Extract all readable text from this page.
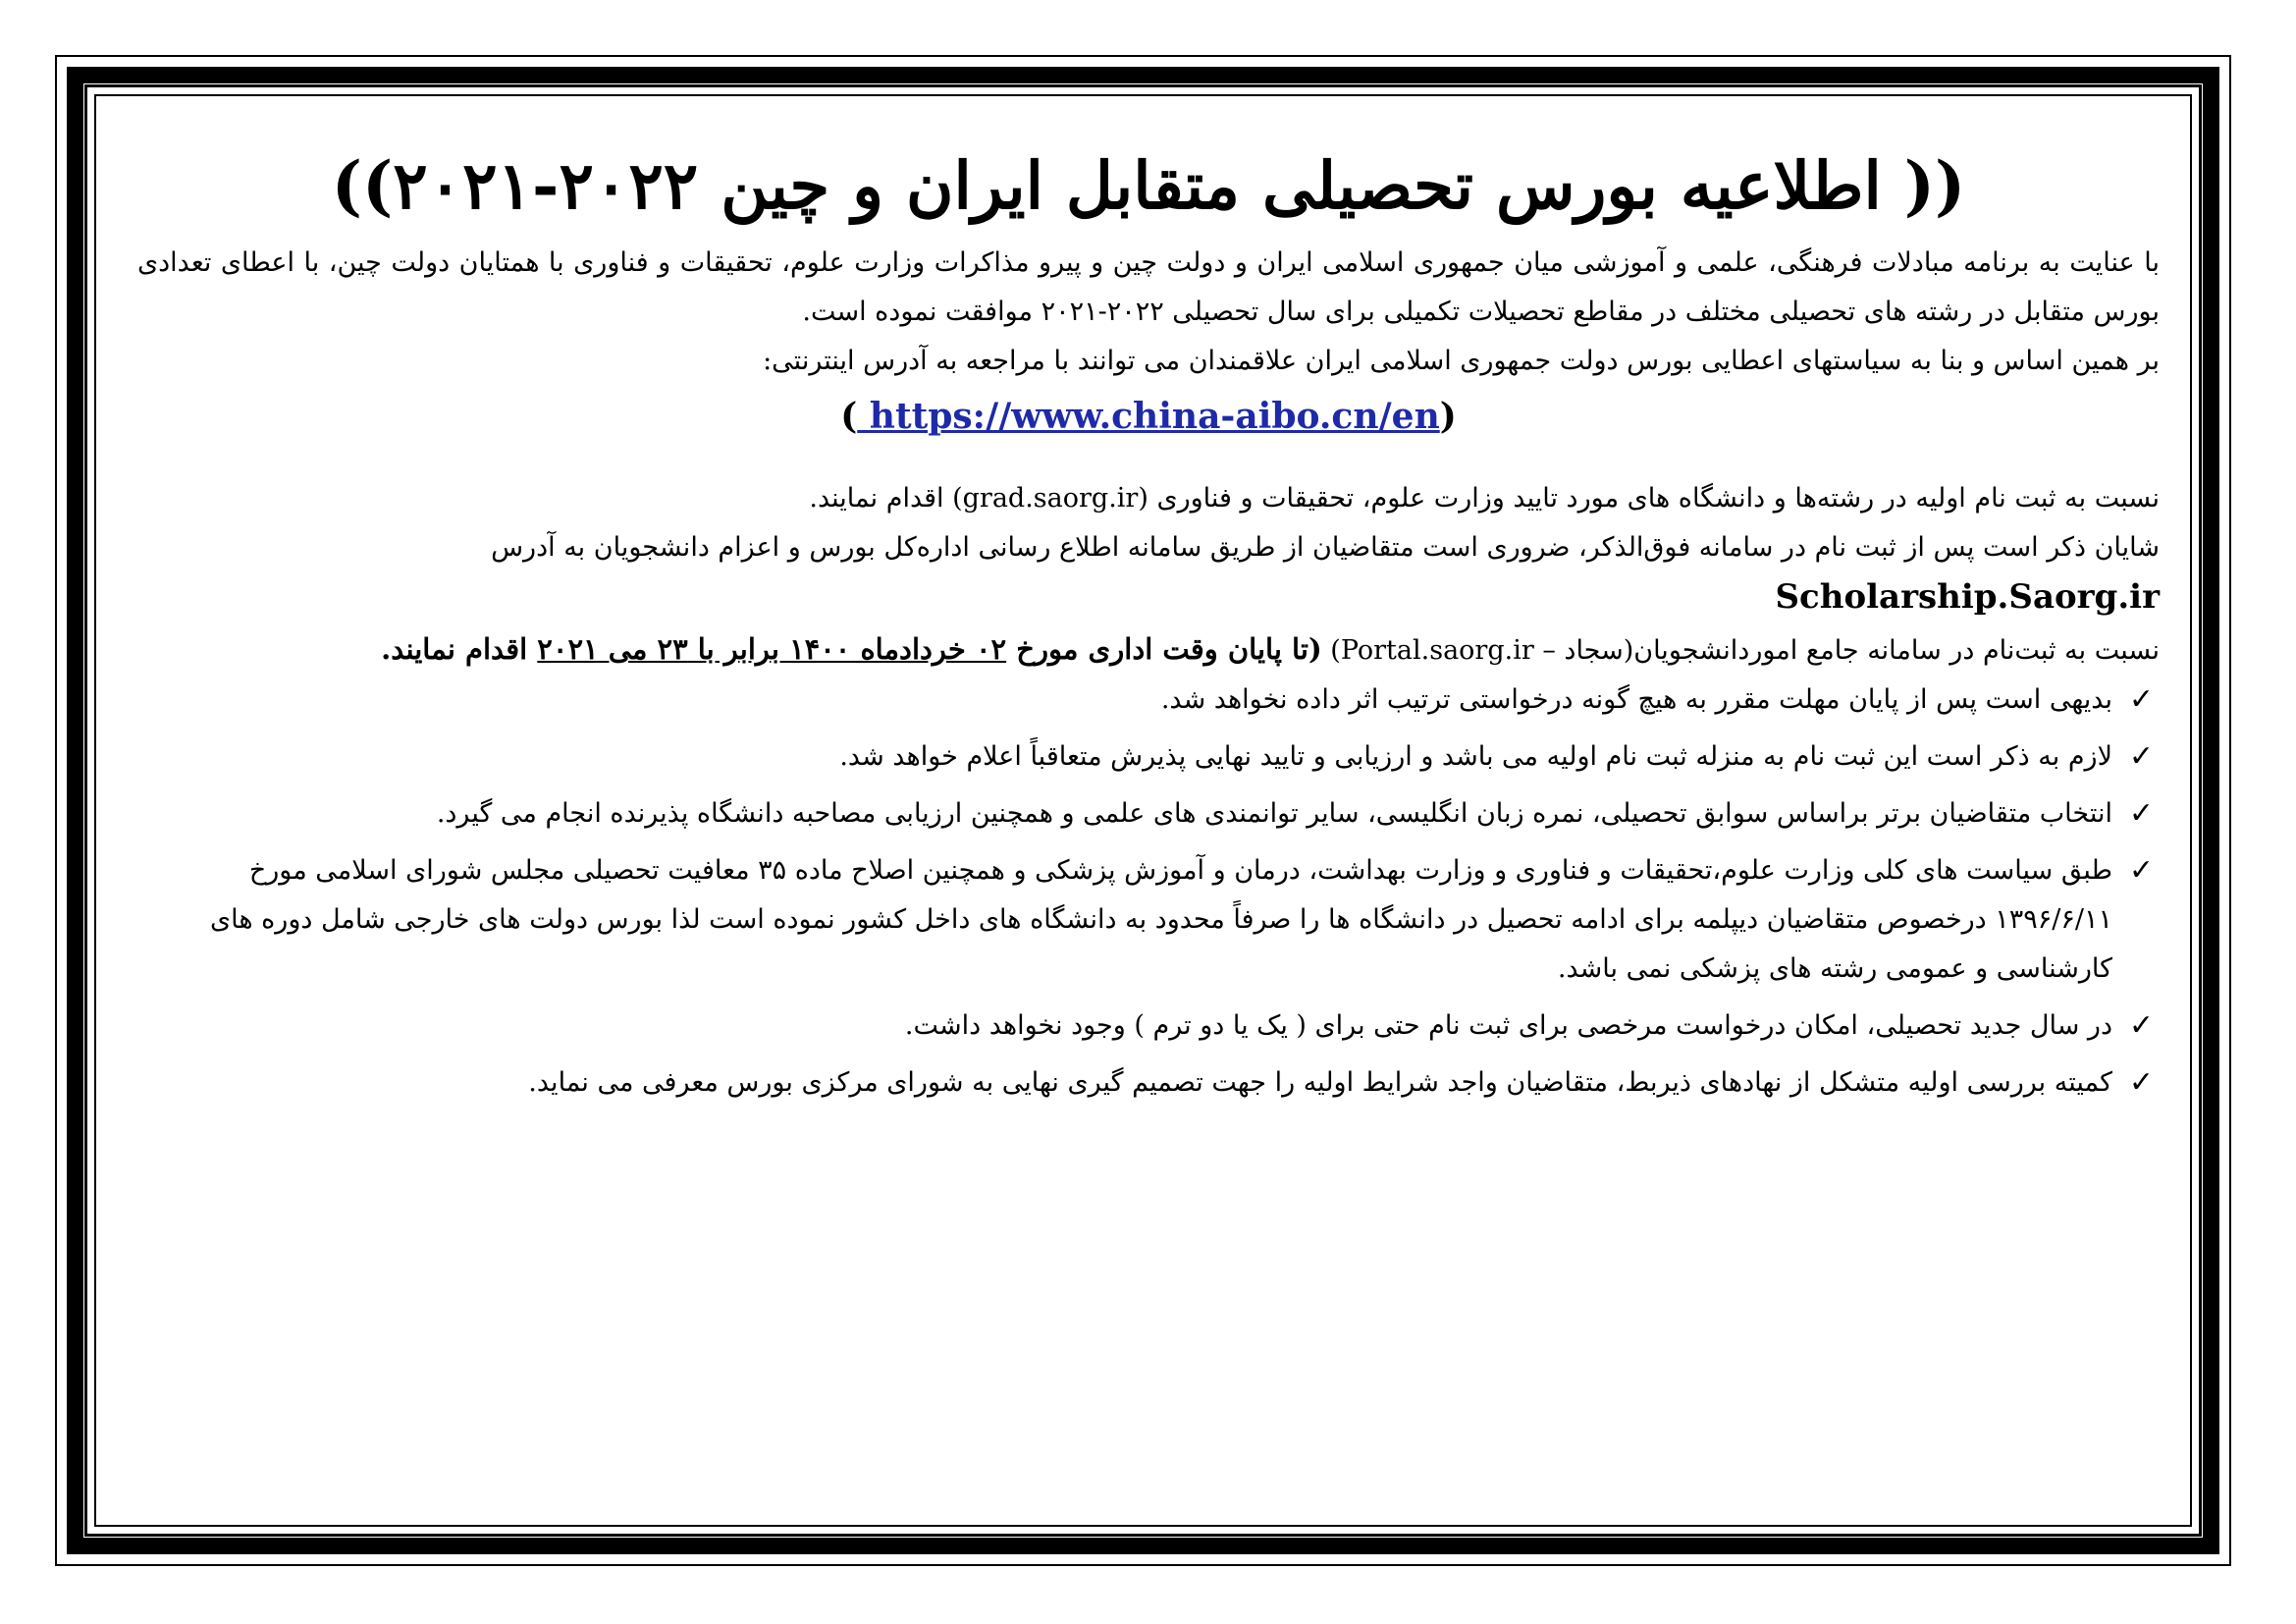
(( اطلاعیه بورس تحصیلی متقابل ایران و چین ۲۰۲۲-۲۰۲۱))

با عنایت به برنامه مبادلات فرهنگی، علمی و آموزشی میان جمهوری اسلامی ایران و دولت چین و پیرو مذاکرات وزارت علوم، تحقیقات و فناوری با همتایان دولت چین، با اعطای تعدادی بورس متقابل در رشته های تحصیلی مختلف در مقاطع تحصیلات تکمیلی برای سال تحصیلی ۲۰۲۲-۲۰۲۱ موافقت نموده است.

بر همین اساس و بنا به سیاستهای اعطایی بورس دولت جمهوری اسلامی ایران علاقمندان می توانند با مراجعه به آدرس اینترنتی:

( https://www.china-aibo.cn/en)

نسبت به ثبت نام اولیه در رشته‌ها و دانشگاه های مورد تایید وزارت علوم، تحقیقات و فناوری (grad.saorg.ir) اقدام نمایند.

شایان ذکر است پس از ثبت نام در سامانه فوق‌الذکر، ضروری است متقاضیان از طریق سامانه اطلاع رسانی اداره‌کل بورس و اعزام دانشجویان به آدرس Scholarship.Saorg.ir

نسبت به ثبت‌نام در سامانه جامع اموردانشجویان(سجاد – Portal.saorg.ir) (تا پایان وقت اداری مورخ ۰۲ خردادماه ۱۴۰۰ برابر با ۲۳ می ۲۰۲۱ اقدام نمایند.

✓
بدیهی است پس از پایان مهلت مقرر به هیچ گونه درخواستی ترتیب اثر داده نخواهد شد.
✓
لازم به ذکر است این ثبت نام به منزله ثبت نام اولیه می باشد و ارزیابی و تایید نهایی پذیرش متعاقباً اعلام خواهد شد.
✓
انتخاب متقاضیان برتر براساس سوابق تحصیلی، نمره زبان انگلیسی، سایر توانمندی های علمی و همچنین ارزیابی مصاحبه دانشگاه پذیرنده انجام می گیرد.
✓
طبق سیاست های کلی وزارت علوم،تحقیقات و فناوری و وزارت بهداشت، درمان و آموزش پزشکی و همچنین اصلاح ماده ۳۵ معافیت تحصیلی مجلس شورای اسلامی مورخ ۱۳۹۶/۶/۱۱ درخصوص متقاضیان دیپلمه برای ادامه تحصیل در دانشگاه ها را صرفاً محدود به دانشگاه های داخل کشور نموده است لذا بورس دولت های خارجی شامل دوره های کارشناسی و عمومی رشته های پزشکی نمی باشد.
✓
در سال جدید تحصیلی، امکان درخواست مرخصی برای ثبت نام حتی برای ( یک یا دو ترم ) وجود نخواهد داشت.
✓
کمیته بررسی اولیه متشکل از نهادهای ذیربط، متقاضیان واجد شرایط اولیه را جهت تصمیم گیری نهایی به شورای مرکزی بورس معرفی می نماید.
